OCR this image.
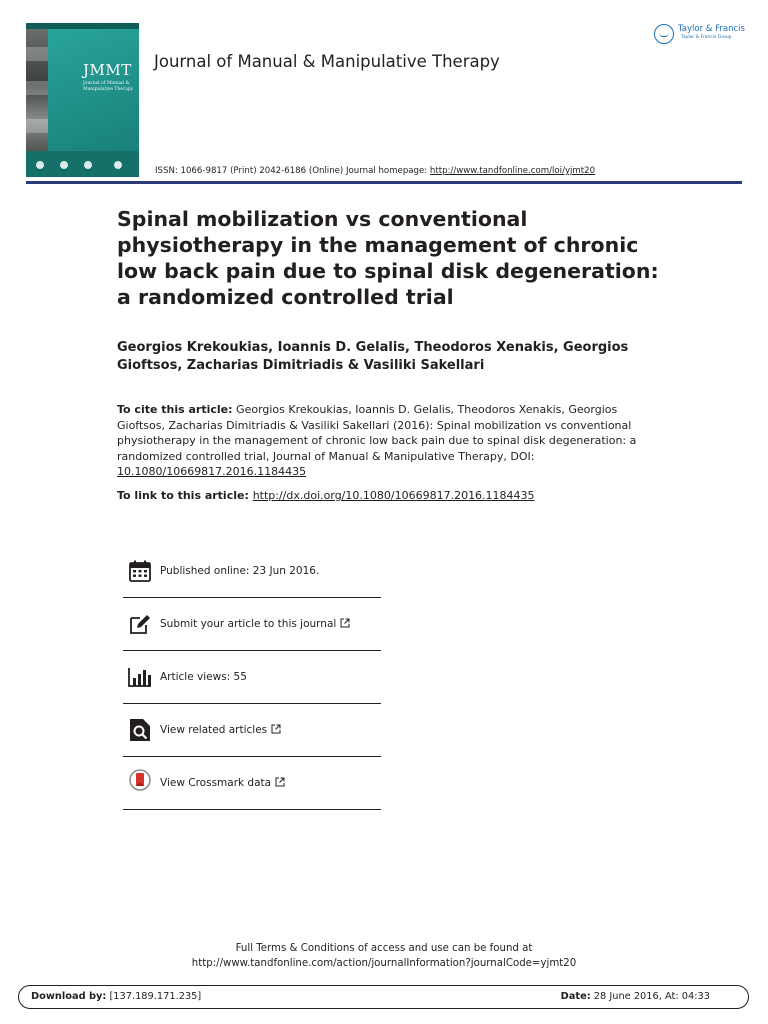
JMMT
Journal of Manual & Manipulative Therapy
Journal of Manual & Manipulative Therapy
Taylor & Francis
Taylor & Francis Group
ISSN: 1066-9817 (Print) 2042-6186 (Online) Journal homepage: http://www.tandfonline.com/loi/yjmt20
Spinal mobilization vs conventional physiotherapy in the management of chronic low back pain due to spinal disk degeneration: a randomized controlled trial
Georgios Krekoukias, Ioannis D. Gelalis, Theodoros Xenakis, Georgios Gioftsos, Zacharias Dimitriadis & Vasiliki Sakellari
To cite this article: Georgios Krekoukias, Ioannis D. Gelalis, Theodoros Xenakis, Georgios Gioftsos, Zacharias Dimitriadis & Vasiliki Sakellari (2016): Spinal mobilization vs conventional physiotherapy in the management of chronic low back pain due to spinal disk degeneration: a randomized controlled trial, Journal of Manual & Manipulative Therapy, DOI: 10.1080/10669817.2016.1184435
To link to this article: http://dx.doi.org/10.1080/10669817.2016.1184435
Published online: 23 Jun 2016.
Submit your article to this journal
Article views: 55
View related articles
View Crossmark data
Full Terms & Conditions of access and use can be found at
http://www.tandfonline.com/action/journalInformation?journalCode=yjmt20
Download by: [137.189.171.235]	Date: 28 June 2016, At: 04:33
